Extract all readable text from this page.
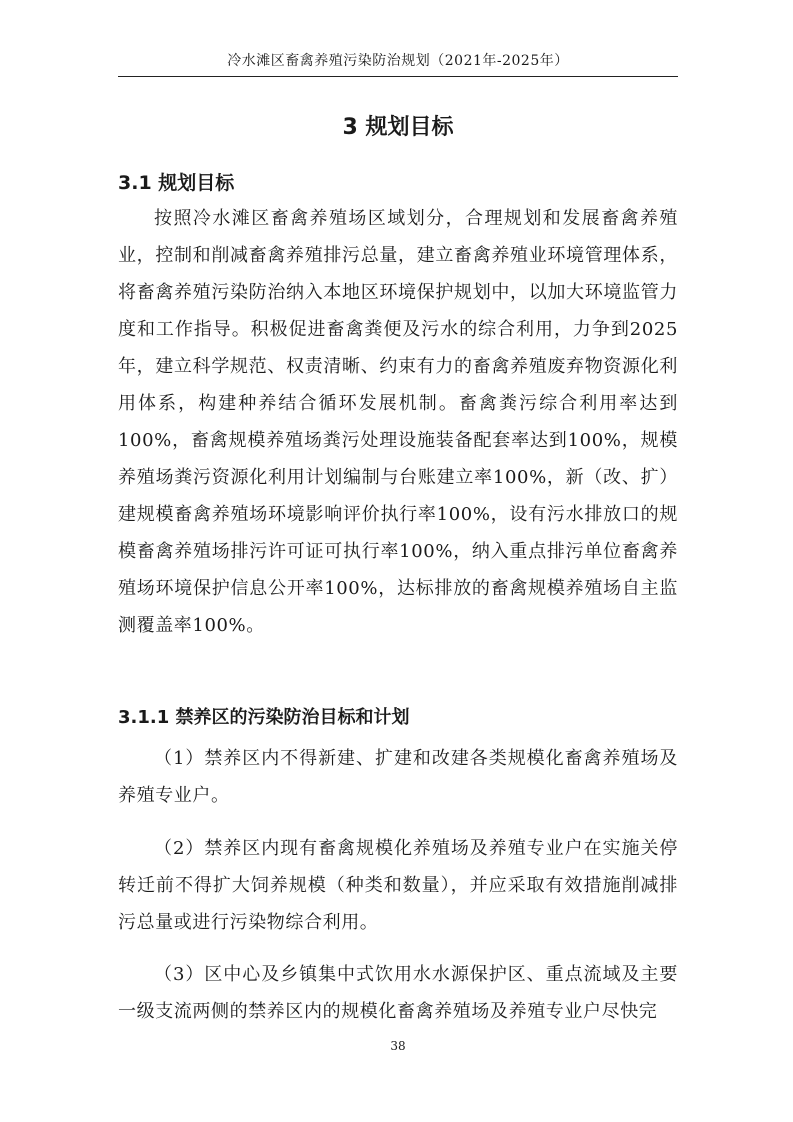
冷水滩区畜禽养殖污染防治规划（2021年-2025年）
3 规划目标
3.1 规划目标

按照冷水滩区畜禽养殖场区域划分，合理规划和发展畜禽养殖业，控制和削减畜禽养殖排污总量，建立畜禽养殖业环境管理体系，将畜禽养殖污染防治纳入本地区环境保护规划中，以加大环境监管力度和工作指导。积极促进畜禽粪便及污水的综合利用，力争到2025年，建立科学规范、权责清晰、约束有力的畜禽养殖废弃物资源化利用体系，构建种养结合循环发展机制。畜禽粪污综合利用率达到100%，畜禽规模养殖场粪污处理设施装备配套率达到100%，规模养殖场粪污资源化利用计划编制与台账建立率100%，新（改、扩）建规模畜禽养殖场环境影响评价执行率100%，设有污水排放口的规模畜禽养殖场排污许可证可执行率100%，纳入重点排污单位畜禽养殖场环境保护信息公开率100%，达标排放的畜禽规模养殖场自主监测覆盖率100%。

3.1.1 禁养区的污染防治目标和计划

（1）禁养区内不得新建、扩建和改建各类规模化畜禽养殖场及养殖专业户。

（2）禁养区内现有畜禽规模化养殖场及养殖专业户在实施关停转迁前不得扩大饲养规模（种类和数量），并应采取有效措施削减排污总量或进行污染物综合利用。

（3）区中心及乡镇集中式饮用水水源保护区、重点流域及主要一级支流两侧的禁养区内的规模化畜禽养殖场及养殖专业户尽快完

38
